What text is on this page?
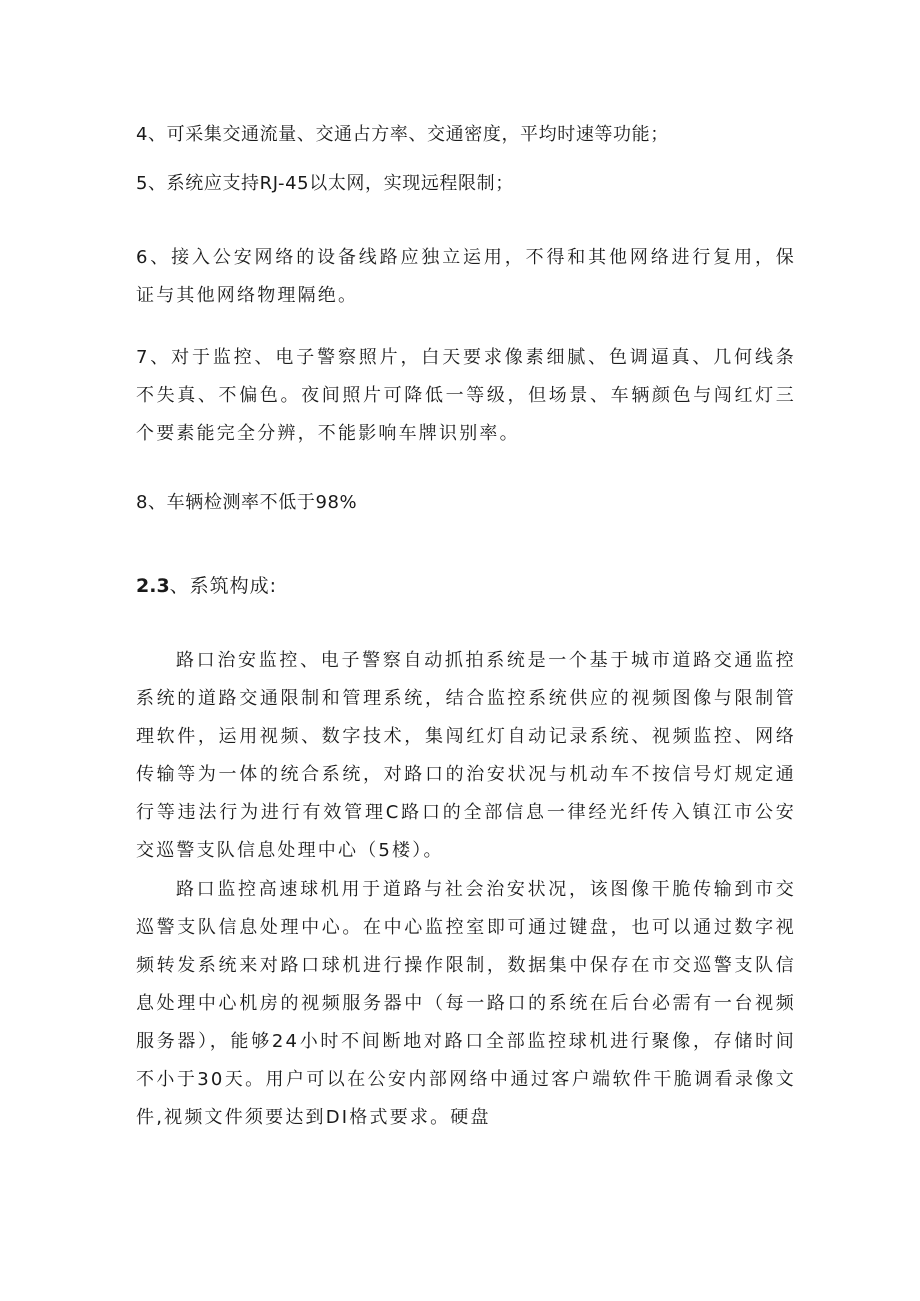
4、可采集交通流量、交通占方率、交通密度，平均时速等功能；
5、系统应支持RJ-45以太网，实现远程限制；
6、接入公安网络的设备线路应独立运用，不得和其他网络进行复用，保证与其他网络物理隔绝。
7、对于监控、电子警察照片，白天要求像素细腻、色调逼真、几何线条不失真、不偏色。夜间照片可降低一等级，但场景、车辆颜色与闯红灯三个要素能完全分辨，不能影响车牌识别率。
8、车辆检测率不低于98%
2.3、系筑构成:
路口治安监控、电子警察自动抓拍系统是一个基于城市道路交通监控系统的道路交通限制和管理系统，结合监控系统供应的视频图像与限制管理软件，运用视频、数字技术，集闯红灯自动记录系统、视频监控、网络传输等为一体的统合系统，对路口的治安状况与机动车不按信号灯规定通行等违法行为进行有效管理C路口的全部信息一律经光纤传入镇江市公安交巡警支队信息处理中心（5楼）。
路口监控高速球机用于道路与社会治安状况，该图像干脆传输到市交巡警支队信息处理中心。在中心监控室即可通过键盘，也可以通过数字视频转发系统来对路口球机进行操作限制，数据集中保存在市交巡警支队信息处理中心机房的视频服务器中（每一路口的系统在后台必需有一台视频服务器），能够24小时不间断地对路口全部监控球机进行聚像，存储时间不小于30天。用户可以在公安内部网络中通过客户端软件干脆调看录像文件,视频文件须要达到DI格式要求。硬盘
